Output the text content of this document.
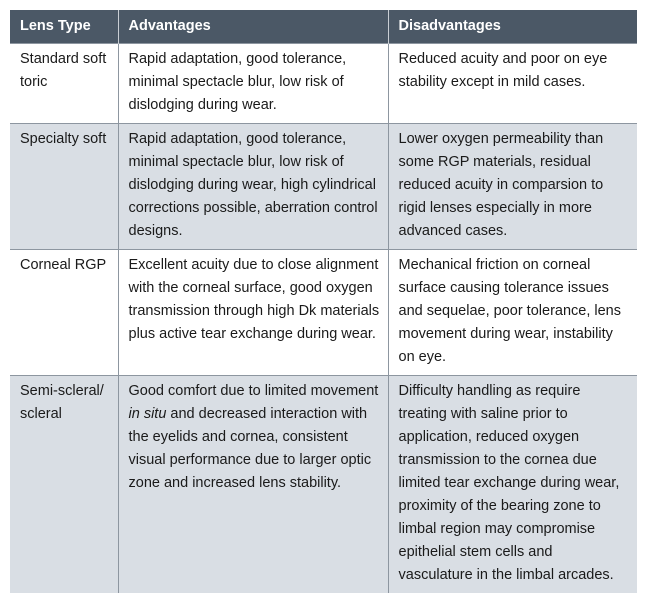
Lens Type	Advantages	Disadvantages
Standard soft toric	Rapid adaptation, good tolerance, minimal spectacle blur, low risk of dislodging during wear.	Reduced acuity and poor on eye stability except in mild cases.
Specialty soft	Rapid adaptation, good tolerance, minimal spectacle blur, low risk of dislodging during wear, high cylindrical corrections possible, aberration control designs.	Lower oxygen permeability than some RGP materials, residual reduced acuity in comparsion to rigid lenses especially in more advanced cases.
Corneal RGP	Excellent acuity due to close alignment with the corneal surface, good oxygen transmission through high Dk materials plus active tear exchange during wear.	Mechanical friction on corneal surface causing tolerance issues and sequelae, poor tolerance, lens movement during wear, instability on eye.
Semi-scleral/ scleral	Good comfort due to limited movement in situ and decreased interaction with the eyelids and cornea, consistent visual performance due to larger optic zone and increased lens stability.	Difficulty handling as require treating with saline prior to application, reduced oxygen transmission to the cornea due limited tear exchange during wear, proximity of the bearing zone to limbal region may compromise epithelial stem cells and vasculature in the limbal arcades.
